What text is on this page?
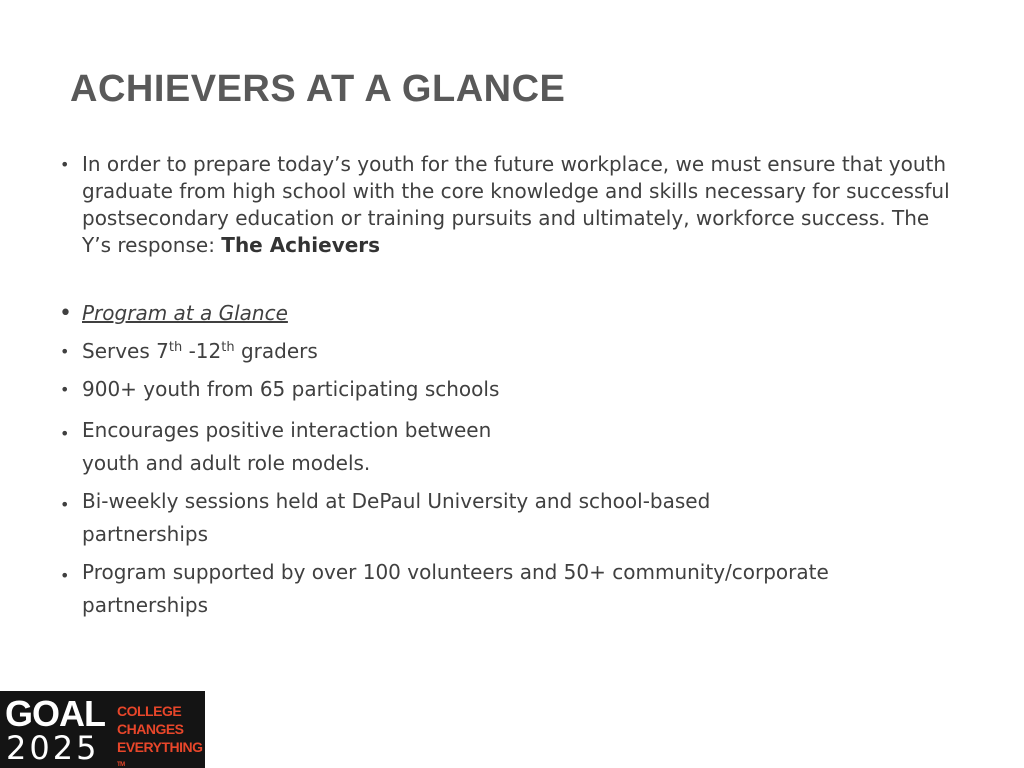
ACHIEVERS AT A GLANCE
• In order to prepare today’s youth for the future workplace, we must ensure that youth graduate from high school with the core knowledge and skills necessary for successful postsecondary education or training pursuits and ultimately, workforce success. The Y’s response: The Achievers
• Program at a Glance
• Serves 7th -12th graders
• 900+ youth from 65 participating schools
• Encourages positive interaction between youth and adult role models.
• Bi-weekly sessions held at DePaul University and school-based partnerships
• Program supported by over 100 volunteers and 50+ community/corporate partnerships
GOAL
2025
COLLEGE
CHANGES
EVERYTHING
TM
